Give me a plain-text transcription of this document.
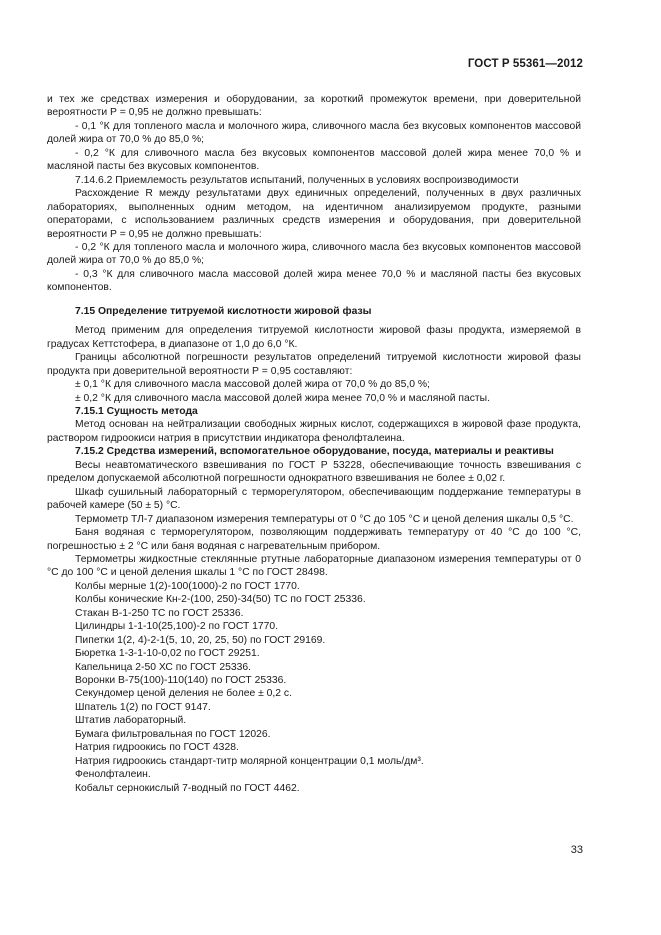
ГОСТ Р 55361—2012

и тех же средствах измерения и оборудовании, за короткий промежуток времени, при доверительной вероятности Р = 0,95 не должно превышать:

- 0,1 °К для топленого масла и молочного жира, сливочного масла без вкусовых компонентов массовой долей жира от 70,0 % до 85,0 %;

- 0,2 °К для сливочного масла без вкусовых компонентов массовой долей жира менее 70,0 % и масляной пасты без вкусовых компонентов.

7.14.6.2 Приемлемость результатов испытаний, полученных в условиях воспроизводимости

Расхождение R между результатами двух единичных определений, полученных в двух различных лабораториях, выполненных одним методом, на идентичном анализируемом продукте, разными операторами, с использованием различных средств измерения и оборудования, при доверительной вероятности Р = 0,95 не должно превышать:

- 0,2 °К для топленого масла и молочного жира, сливочного масла без вкусовых компонентов массовой долей жира от 70,0 % до 85,0 %;

- 0,3 °К для сливочного масла массовой долей жира менее 70,0 % и масляной пасты без вкусовых компонентов.

7.15 Определение титруемой кислотности жировой фазы

Метод применим для определения титруемой кислотности жировой фазы продукта, измеряемой в градусах Кеттстофера, в диапазоне от 1,0 до 6,0 °К.

Границы абсолютной погрешности результатов определений титруемой кислотности жировой фазы продукта при доверительной вероятности Р = 0,95 составляют:

± 0,1 °К для сливочного масла массовой долей жира от 70,0 % до 85,0 %;

± 0,2 °К для сливочного масла массовой долей жира менее 70,0 % и масляной пасты.

7.15.1 Сущность метода

Метод основан на нейтрализации свободных жирных кислот, содержащихся в жировой фазе продукта, раствором гидроокиси натрия в присутствии индикатора фенолфталеина.

7.15.2 Средства измерений, вспомогательное оборудование, посуда, материалы и реактивы

Весы неавтоматического взвешивания по ГОСТ Р 53228, обеспечивающие точность взвешивания с пределом допускаемой абсолютной погрешности однократного взвешивания не более ± 0,02 г.

Шкаф сушильный лабораторный с терморегулятором, обеспечивающим поддержание температуры в рабочей камере (50 ± 5) °С.

Термометр ТЛ-7 диапазоном измерения температуры от 0 °С до 105 °С и ценой деления шкалы 0,5 °С.

Баня водяная с терморегулятором, позволяющим поддерживать температуру от 40 °С до 100 °С, погрешностью ± 2 °С или баня водяная с нагревательным прибором.

Термометры жидкостные стеклянные ртутные лабораторные диапазоном измерения температуры от 0 °С до 100 °С и ценой деления шкалы 1 °С по ГОСТ 28498.

Колбы мерные 1(2)-100(1000)-2 по ГОСТ 1770.

Колбы конические Кн-2-(100, 250)-34(50) ТС по ГОСТ 25336.

Стакан В-1-250 ТС по ГОСТ 25336.

Цилиндры 1-1-10(25,100)-2 по ГОСТ 1770.

Пипетки 1(2, 4)-2-1(5, 10, 20, 25, 50) по ГОСТ 29169.

Бюретка 1-3-1-10-0,02 по ГОСТ 29251.

Капельница 2-50 ХС по ГОСТ 25336.

Воронки В-75(100)-110(140) по ГОСТ 25336.

Секундомер ценой деления не более ± 0,2 с.

Шпатель 1(2) по ГОСТ 9147.

Штатив лабораторный.

Бумага фильтровальная по ГОСТ 12026.

Натрия гидроокись по ГОСТ 4328.

Натрия гидроокись стандарт-титр молярной концентрации 0,1 моль/дм³.

Фенолфталеин.

Кобальт сернокислый 7-водный по ГОСТ 4462.

33
